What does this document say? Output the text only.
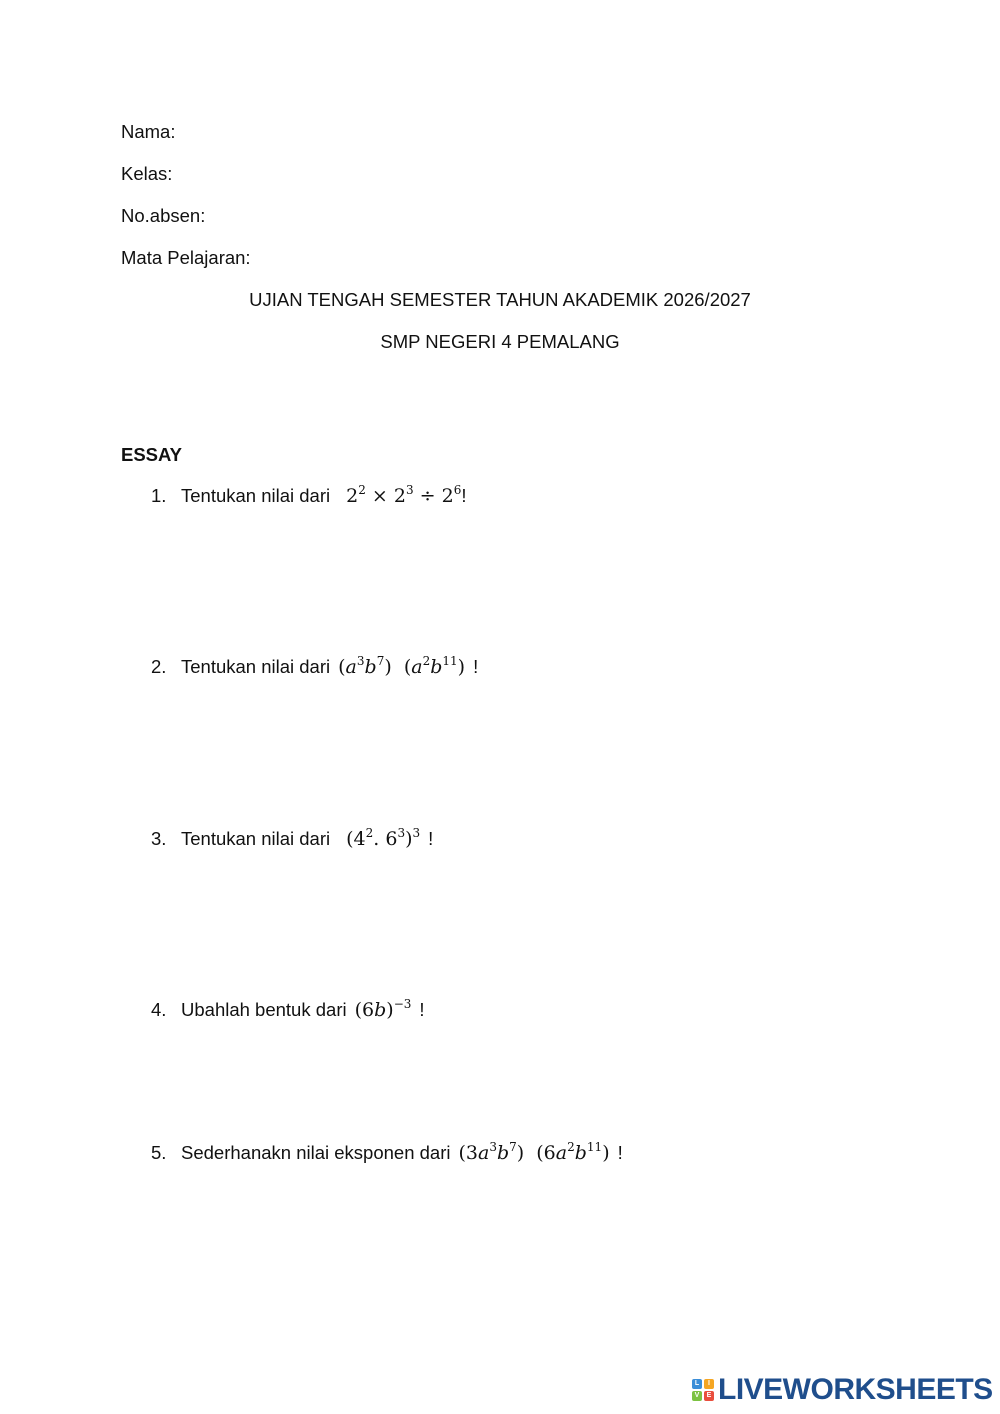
Nama:
Kelas:
No.absen:
Mata Pelajaran:
UJIAN TENGAH SEMESTER TAHUN AKADEMIK 2026/2027
SMP NEGERI 4 PEMALANG
ESSAY
1. Tentukan nilai dari $2^2 \times 2^3 \div 2^6$!
2. Tentukan nilai dari $(a^3b^7)$  $(a^2b^{11})$ !
3. Tentukan nilai dari ($4^2$. $6^3)^3$ !
4. Ubahlah bentuk dari $(6b)^{-3}$ !
5. Sederhanakn nilai eksponen dari $(3a^3b^7)$  $(6a^2b^{11})$ !
L	I
V	E LIVEWORKSHEETS
